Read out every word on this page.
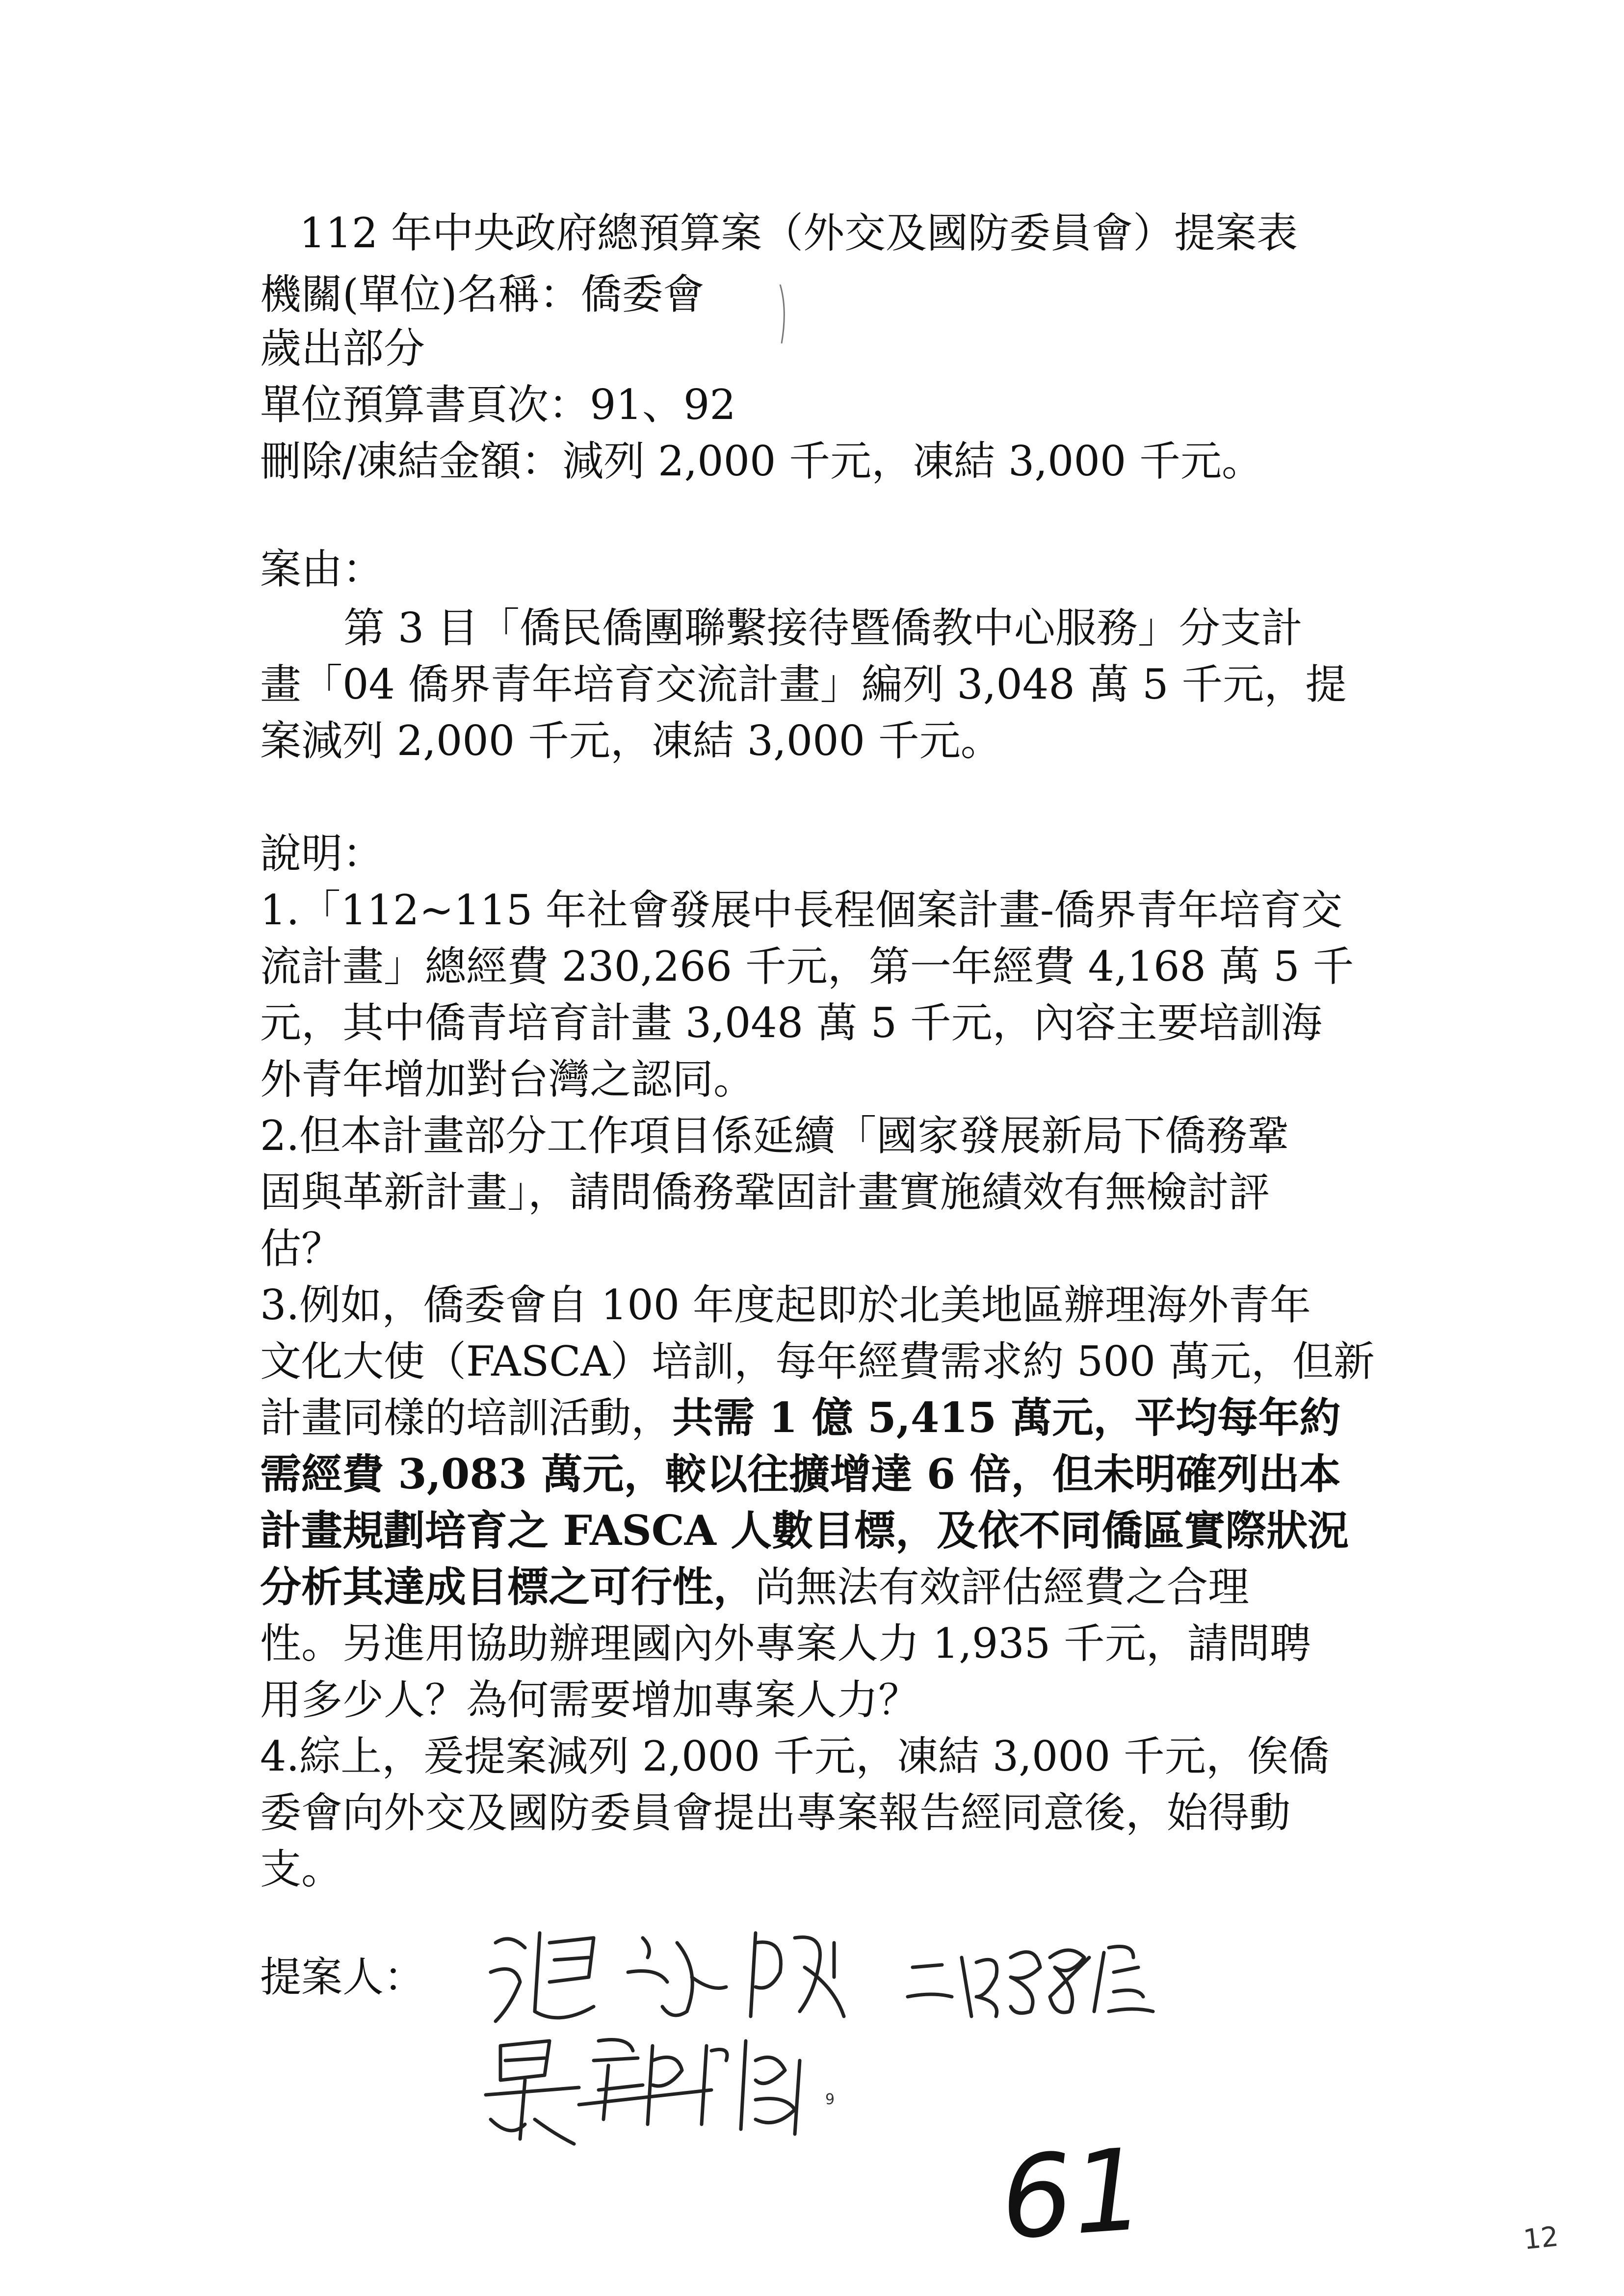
112 年中央政府總預算案（外交及國防委員會）提案表
機關(單位)名稱：僑委會
歲出部分
單位預算書頁次：91、92
刪除/凍結金額：減列 2,000 千元，凍結 3,000 千元。
案由：
第 3 目「僑民僑團聯繫接待暨僑教中心服務」分支計
畫「04 僑界青年培育交流計畫」編列 3,048 萬 5 千元，提
案減列 2,000 千元，凍結 3,000 千元。
說明：
1.「112~115 年社會發展中長程個案計畫-僑界青年培育交
流計畫」總經費 230,266 千元，第一年經費 4,168 萬 5 千
元，其中僑青培育計畫 3,048 萬 5 千元，內容主要培訓海
外青年增加對台灣之認同。
2.但本計畫部分工作項目係延續「國家發展新局下僑務鞏
固與革新計畫」，請問僑務鞏固計畫實施績效有無檢討評
估？
3.例如，僑委會自 100 年度起即於北美地區辦理海外青年
文化大使（FASCA）培訓，每年經費需求約 500 萬元，但新
計畫同樣的培訓活動，共需 1 億 5,415 萬元，平均每年約
需經費 3,083 萬元，較以往擴增達 6 倍，但未明確列出本
計畫規劃培育之 FASCA 人數目標，及依不同僑區實際狀況
分析其達成目標之可行性，尚無法有效評估經費之合理
性。另進用協助辦理國內外專案人力 1,935 千元，請問聘
用多少人？為何需要增加專案人力？
4.綜上，爰提案減列 2,000 千元，凍結 3,000 千元，俟僑
委會向外交及國防委員會提出專案報告經同意後，始得動
支。
提案人：
9
61	12
